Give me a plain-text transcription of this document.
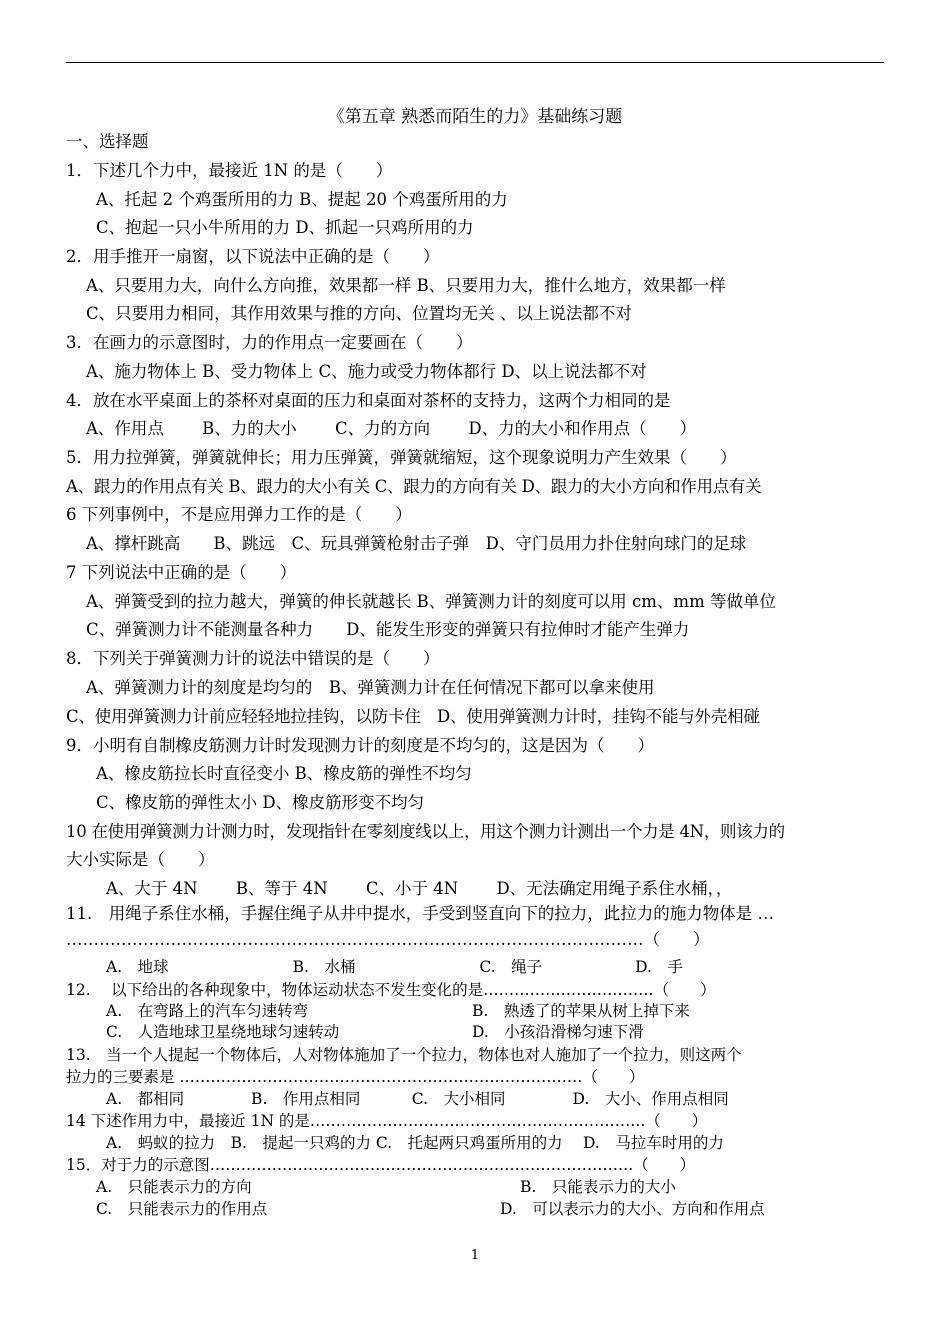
《第五章 熟悉而陌生的力》基础练习题
一、选择题
1．下述几个力中，最接近 1N 的是（　　）
A、托起 2 个鸡蛋所用的力 B、提起 20 个鸡蛋所用的力
C、抱起一只小牛所用的力 D、抓起一只鸡所用的力
2．用手推开一扇窗，以下说法中正确的是（　　）
A、只要用力大，向什么方向推，效果都一样 B、只要用力大，推什么地方，效果都一样
C、只要用力相同，其作用效果与推的方向、位置均无关 、以上说法都不对
3．在画力的示意图时，力的作用点一定要画在（　　）
A、施力物体上 B、受力物体上 C、施力或受力物体都行 D、以上说法都不对
4．放在水平桌面上的茶杯对桌面的压力和桌面对茶杯的支持力，这两个力相同的是
A、作用点　　 B、力的大小　　 C、力的方向　　 D、力的大小和作用点（　　）
5．用力拉弹簧，弹簧就伸长；用力压弹簧，弹簧就缩短，这个现象说明力产生效果（　　）
A、跟力的作用点有关 B、跟力的大小有关 C、跟力的方向有关 D、跟力的大小方向和作用点有关
6 下列事例中，不是应用弹力工作的是（　　）
A、撑杆跳高　　B、跳远　C、玩具弹簧枪射击子弹　D、守门员用力扑住射向球门的足球
7 下列说法中正确的是（　　）
A、弹簧受到的拉力越大，弹簧的伸长就越长 B、弹簧测力计的刻度可以用 cm、mm 等做单位
C、弹簧测力计不能测量各种力　　D、能发生形变的弹簧只有拉伸时才能产生弹力
8．下列关于弹簧测力计的说法中错误的是（　　）
A、弹簧测力计的刻度是均匀的　B、弹簧测力计在任何情况下都可以拿来使用
C、使用弹簧测力计前应轻轻地拉挂钩，以防卡住　D、使用弹簧测力计时，挂钩不能与外壳相碰
9．小明有自制橡皮筋测力计时发现测力计的刻度是不均匀的，这是因为（　　）
A、橡皮筋拉长时直径变小 B、橡皮筋的弹性不均匀
C、橡皮筋的弹性太小 D、橡皮筋形变不均匀
10 在使用弹簧测力计测力时，发现指针在零刻度线以上，用这个测力计测出一个力是 4N，则该力的
大小实际是（　　）
A、大于 4N　　 B、等于 4N　　 C、小于 4N　　 D、无法确定用绳子系住水桶，，
11.　用绳子系住水桶，手握住绳子从井中提水，手受到竖直向下的拉力，此拉力的施力物体是 …
……………………………………………………………………………………………（　　）
A.　地球　　　　　　　　B.　水桶　　　　　　　　C.　绳子　　　　　　D.　手
12.　 以下给出的各种现象中，物体运动状态不发生变化的是……………………………（　　）
A.　在弯路上的汽车匀速转弯	B.　熟透了的苹果从树上掉下来
C.　人造地球卫星绕地球匀速转动	D.　小孩沿滑梯匀速下滑
13.　当一个人提起一个物体后，人对物体施加了一个拉力，物体也对人施加了一个拉力，则这两个
拉力的三要素是 ……………………………………………………………………（　　）
A.　都相同　　　　 B.　作用点相同　　　 C.　大小相同　　　　 D.　大小、作用点相同
14 下述作用力中，最接近 1N 的是………………………………………………………..（　　）
A.　蚂蚁的拉力　B.　提起一只鸡的力 C.　托起两只鸡蛋所用的力　 D.　马拉车时用的力
15．对于力的示意图……………………………………………………………………….（　　）
A.　只能表示力的方向	B.　只能表示力的大小
C.　只能表示力的作用点	D.　可以表示力的大小、方向和作用点
1
